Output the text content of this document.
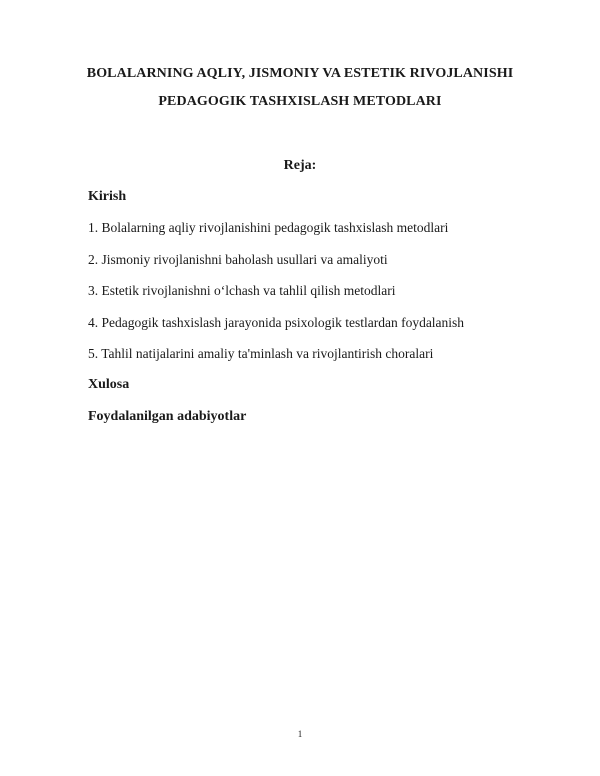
BOLALARNING AQLIY, JISMONIY VA ESTETIK RIVOJLANISHI
PEDAGOGIK TASHXISLASH METODLARI
Reja:
Kirish
1. Bolalarning aqliy rivojlanishini pedagogik tashxislash metodlari
2. Jismoniy rivojlanishni baholash usullari va amaliyoti
3. Estetik rivojlanishni o‘lchash va tahlil qilish metodlari
4. Pedagogik tashxislash jarayonida psixologik testlardan foydalanish
5. Tahlil natijalarini amaliy ta'minlash va rivojlantirish choralari
Xulosa
Foydalanilgan adabiyotlar
1
